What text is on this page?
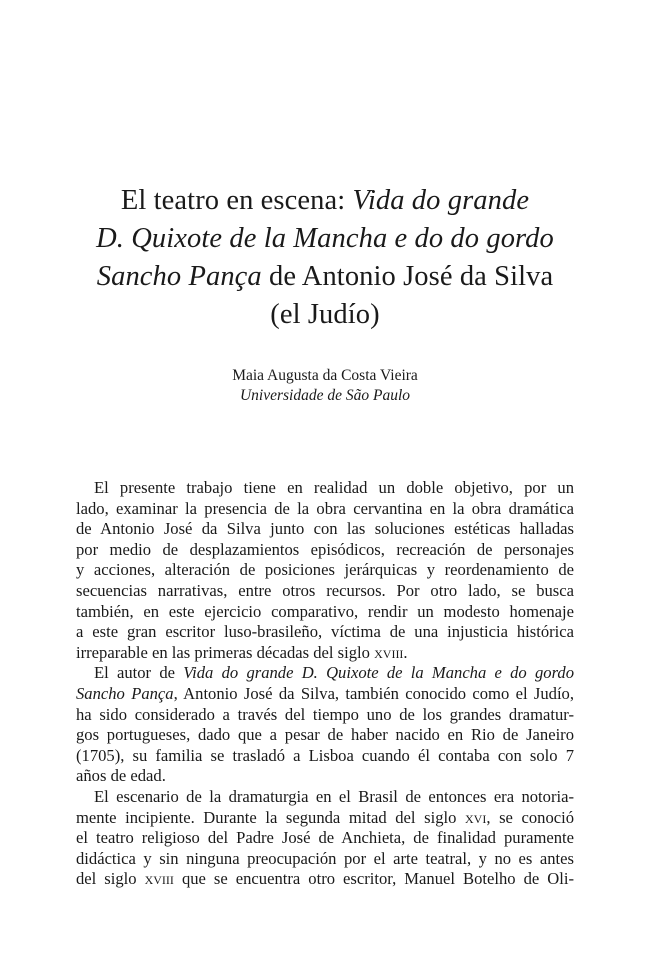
El teatro en escena: Vida do grande
D. Quixote de la Mancha e do do gordo
Sancho Pança de Antonio José da Silva
(el Judío)
Maia Augusta da Costa Vieira
Universidade de São Paulo
El presente trabajo tiene en realidad un doble objetivo, por un
lado, examinar la presencia de la obra cervantina en la obra dramática
de Antonio José da Silva junto con las soluciones estéticas halladas
por medio de desplazamientos episódicos, recreación de personajes
y acciones, alteración de posiciones jerárquicas y reordenamiento de
secuencias narrativas, entre otros recursos. Por otro lado, se busca
también, en este ejercicio comparativo, rendir un modesto homenaje
a este gran escritor luso-brasileño, víctima de una injusticia histórica
irreparable en las primeras décadas del siglo xviii.
El autor de Vida do grande D. Quixote de la Mancha e do gordo
Sancho Pança, Antonio José da Silva, también conocido como el Judío,
ha sido considerado a través del tiempo uno de los grandes dramatur-
gos portugueses, dado que a pesar de haber nacido en Rio de Janeiro
(1705), su familia se trasladó a Lisboa cuando él contaba con solo 7
años de edad.
El escenario de la dramaturgia en el Brasil de entonces era notoria-
mente incipiente. Durante la segunda mitad del siglo xvi, se conoció
el teatro religioso del Padre José de Anchieta, de finalidad puramente
didáctica y sin ninguna preocupación por el arte teatral, y no es antes
del siglo xviii que se encuentra otro escritor, Manuel Botelho de Oli-
